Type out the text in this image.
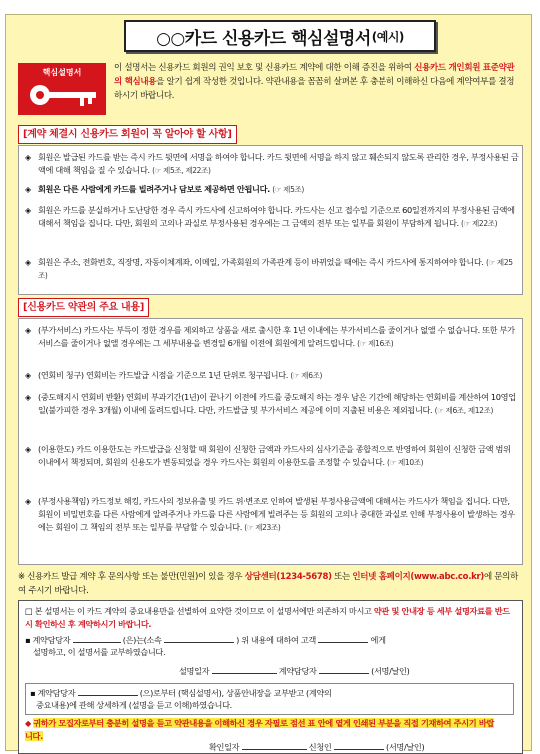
○○카드 신용카드 핵심설명서 (예시)
핵심설명서	이 설명서는 신용카드 회원의 권익 보호 및 신용카드 계약에 대한 이해 증진을 위하여 신용카드 개인회원 표준약관의 핵심내용을 알기 쉽게 작성한 것입니다. 약관내용을 꼼꼼히 살펴본 후 충분히 이해하신 다음에 계약여부를 결정하시기 바랍니다.
[계약 체결시 신용카드 회원이 꼭 알아야 할 사항]
◈ 회원은 발급된 카드를 받는 즉시 카드 뒷면에 서명을 하여야 합니다. 카드 뒷면에 서명을 하지 않고 훼손되지 않도록 관리한 경우, 부정사용된 금액에 대해 책임을 질 수 있습니다. (☞ 제5조, 제22조)
◈ 회원은 다른 사람에게 카드를 빌려주거나 담보로 제공하면 안됩니다. (☞ 제5조)
◈ 회원은 카드를 분실하거나 도난당한 경우 즉시 카드사에 신고하여야 합니다. 카드사는 신고 접수일 기준으로 60일전까지의 부정사용된 금액에 대해서 책임을 집니다. 다만, 회원의 고의나 과실로 부정사용된 경우에는 그 금액의 전부 또는 일부를 회원이 부담하게 됩니다. (☞ 제22조)
◈ 회원은 주소, 전화번호, 직장명, 자동이체계좌, 이메일, 가족회원의 가족관계 등이 바뀌었을 때에는 즉시 카드사에 통지하여야 합니다. (☞ 제25조)
[신용카드 약관의 주요 내용]
◈ (부가서비스) 카드사는 부득이 정한 경우를 제외하고 상품을 새로 출시한 후 1년 이내에는 부가서비스를 줄이거나 없앨 수 없습니다. 또한 부가서비스를 줄이거나 없앨 경우에는 그 세부내용을 변경일 6개월 이전에 회원에게 알려드립니다. (☞ 제16조)
◈ (연회비 청구) 연회비는 카드발급 시점을 기준으로 1년 단위로 청구됩니다. (☞ 제6조)
◈ (중도해지시 연회비 반환) 연회비 부과기간(1년)이 끝나기 이전에 카드를 중도해지 하는 경우 남은 기간에 해당하는 연회비를 계산하여 10영업일(불가피한 경우 3개월) 이내에 돌려드립니다. 다만, 카드발급 및 부가서비스 제공에 이미 지출된 비용은 제외됩니다. (☞ 제6조, 제12조)
◈ (이용한도) 카드 이용한도는 카드발급을 신청할 때 회원이 신청한 금액과 카드사의 심사기준을 종합적으로 반영하여 회원이 신청한 금액 범위 이내에서 책정되며, 회원의 신용도가 변동되었을 경우 카드사는 회원의 이용한도를 조정할 수 있습니다. (☞ 제10조)
◈ (부정사용책임) 카드정보 해킹, 카드사의 정보유출 및 카드 위·변조로 인하여 발생된 부정사용금액에 대해서는 카드사가 책임을 집니다. 다만, 회원이 비밀번호를 다른 사람에게 알려주거나 카드를 다른 사람에게 빌려주는 등 회원의 고의나 중대한 과실로 인해 부정사용이 발생하는 경우에는 회원이 그 책임의 전부 또는 일부를 부담할 수 있습니다. (☞ 제23조)
※ 신용카드 발급 계약 후 문의사항 또는 불만(민원)이 있을 경우 상담센터(1234-5678) 또는 인터넷 홈페이지(www.abc.co.kr)에 문의하여 주시기 바랍니다.
□ 본 설명서는 이 카드 계약의 중요내용만을 선별하여 요약한 것이므로 이 설명서에만 의존하지 마시고 약관 및 안내장 등 세부 설명자료를 반드시 확인하신 후 계약하시기 바랍니다.
▪ 계약담당자	(은)는(소속	) 위 내용에 대하여 고객	에게
설명하고, 이 설명서를 교부하였습니다.
설명일자	계약담당자	(서명/날인)
▪ 계약담당자	(으)로부터 (핵심설명서), 상품안내장을 교부받고 (계약의
중요내용)에 관해 상세하게 (설명을 듣고 이해)하였습니다.
◆ 귀하가 모집자로부터 충분히 설명을 듣고 약관내용을 이해하신 경우 자필로 점선 표 안에 옅게 인쇄된 부분을 직접 기재하여 주시기 바랍니다.
확인일자	신청인	(서명/날인)
